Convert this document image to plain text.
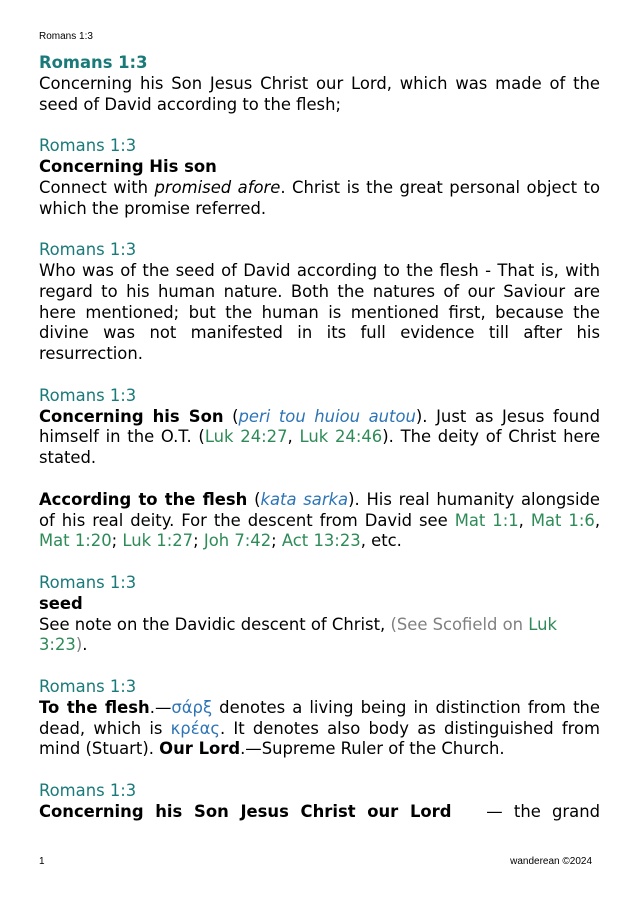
Romans 1:3
Romans 1:3
Concerning his Son Jesus Christ our Lord, which was made of the seed of David according to the flesh;
Romans 1:3
Concerning His son
Connect with promised afore. Christ is the great personal object to which the promise referred.
Romans 1:3
Who was of the seed of David according to the flesh - That is, with regard to his human nature. Both the natures of our Saviour are here mentioned; but the human is mentioned first, because the divine was not manifested in its full evidence till after his resurrection.
Romans 1:3
Concerning his Son (peri tou huiou autou). Just as Jesus found himself in the O.T. (Luk 24:27, Luk 24:46). The deity of Christ here stated.
According to the flesh (kata sarka). His real humanity alongside of his real deity. For the descent from David see Mat 1:1, Mat 1:6, Mat 1:20; Luk 1:27; Joh 7:42; Act 13:23, etc.
Romans 1:3
seed
See note on the Davidic descent of Christ, (See Scofield on Luk 3:23).
Romans 1:3
To the flesh.—σάρξ denotes a living being in distinction from the dead, which is κρέας. It denotes also body as distinguished from mind (Stuart). Our Lord.—Supreme Ruler of the Church.
Romans 1:3
Concerning his Son Jesus Christ our Lord — the grand
1	wanderean ©2024
